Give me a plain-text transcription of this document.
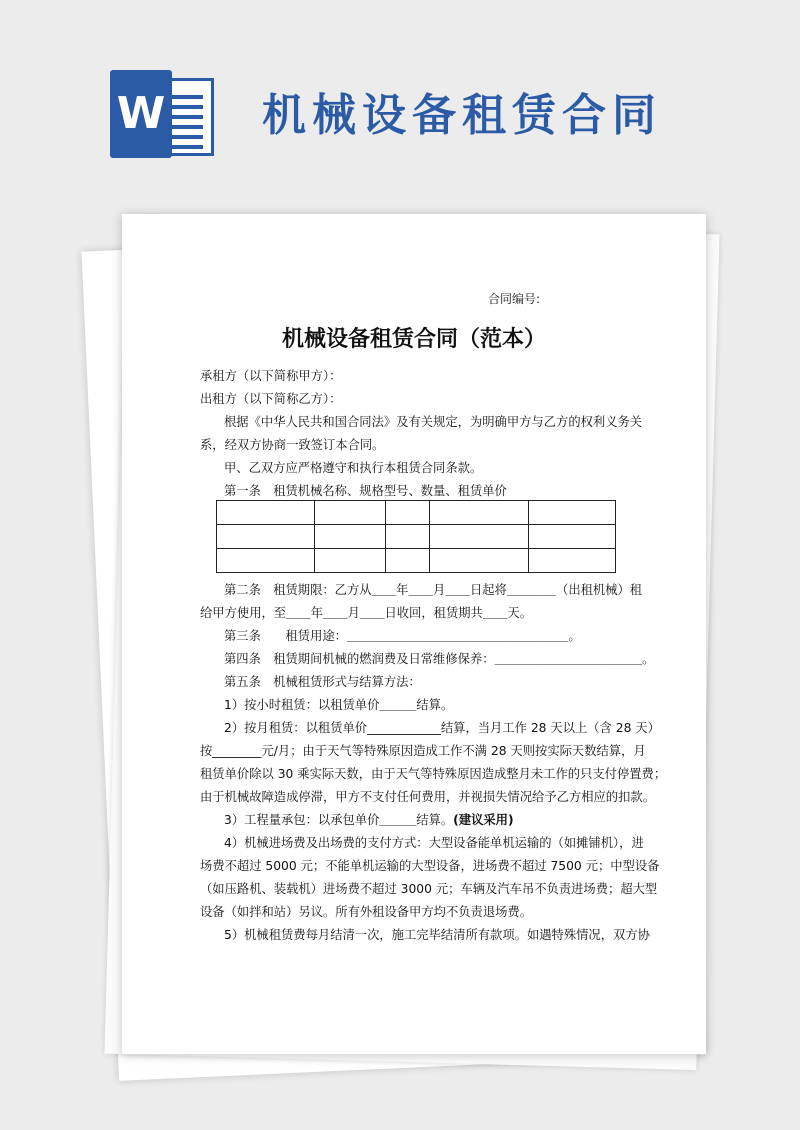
W 机械设备租赁合同
合同编号:
机械设备租赁合同（范本）
承租方（以下简称甲方）：
出租方（以下简称乙方）：
根据《中华人民共和国合同法》及有关规定，为明确甲方与乙方的权利义务关
系，经双方协商一致签订本合同。
甲、乙双方应严格遵守和执行本租赁合同条款。
第一条　租赁机械名称、规格型号、数量、租赁单价

第二条　租赁期限：乙方从＿＿年＿＿月＿＿日起将＿＿＿＿（出租机械）租
给甲方使用，至＿＿年＿＿月＿＿日收回，租赁期共＿＿天。
第三条　　租赁用途：＿＿＿＿＿＿＿＿＿＿＿＿＿＿＿＿＿＿。
第四条　租赁期间机械的燃润费及日常维修保养：＿＿＿＿＿＿＿＿＿＿＿＿。
第五条　机械租赁形式与结算方法：
1）按小时租赁：以租赁单价＿＿＿结算。
2）按月租赁：以租赁单价____________结算，当月工作 28 天以上（含 28 天）
按________元/月；由于天气等特殊原因造成工作不满 28 天则按实际天数结算，月
租赁单价除以 30 乘实际天数，由于天气等特殊原因造成整月未工作的只支付停置费；
由于机械故障造成停滞，甲方不支付任何费用，并视损失情况给予乙方相应的扣款。
3）工程量承包：以承包单价＿＿＿结算。(建议采用)
4）机械进场费及出场费的支付方式：大型设备能单机运输的（如摊铺机），进
场费不超过 5000 元；不能单机运输的大型设备，进场费不超过 7500 元；中型设备
（如压路机、装载机）进场费不超过 3000 元；车辆及汽车吊不负责进场费；超大型
设备（如拌和站）另议。所有外租设备甲方均不负责退场费。
5）机械租赁费每月结清一次，施工完毕结清所有款项。如遇特殊情况，双方协
